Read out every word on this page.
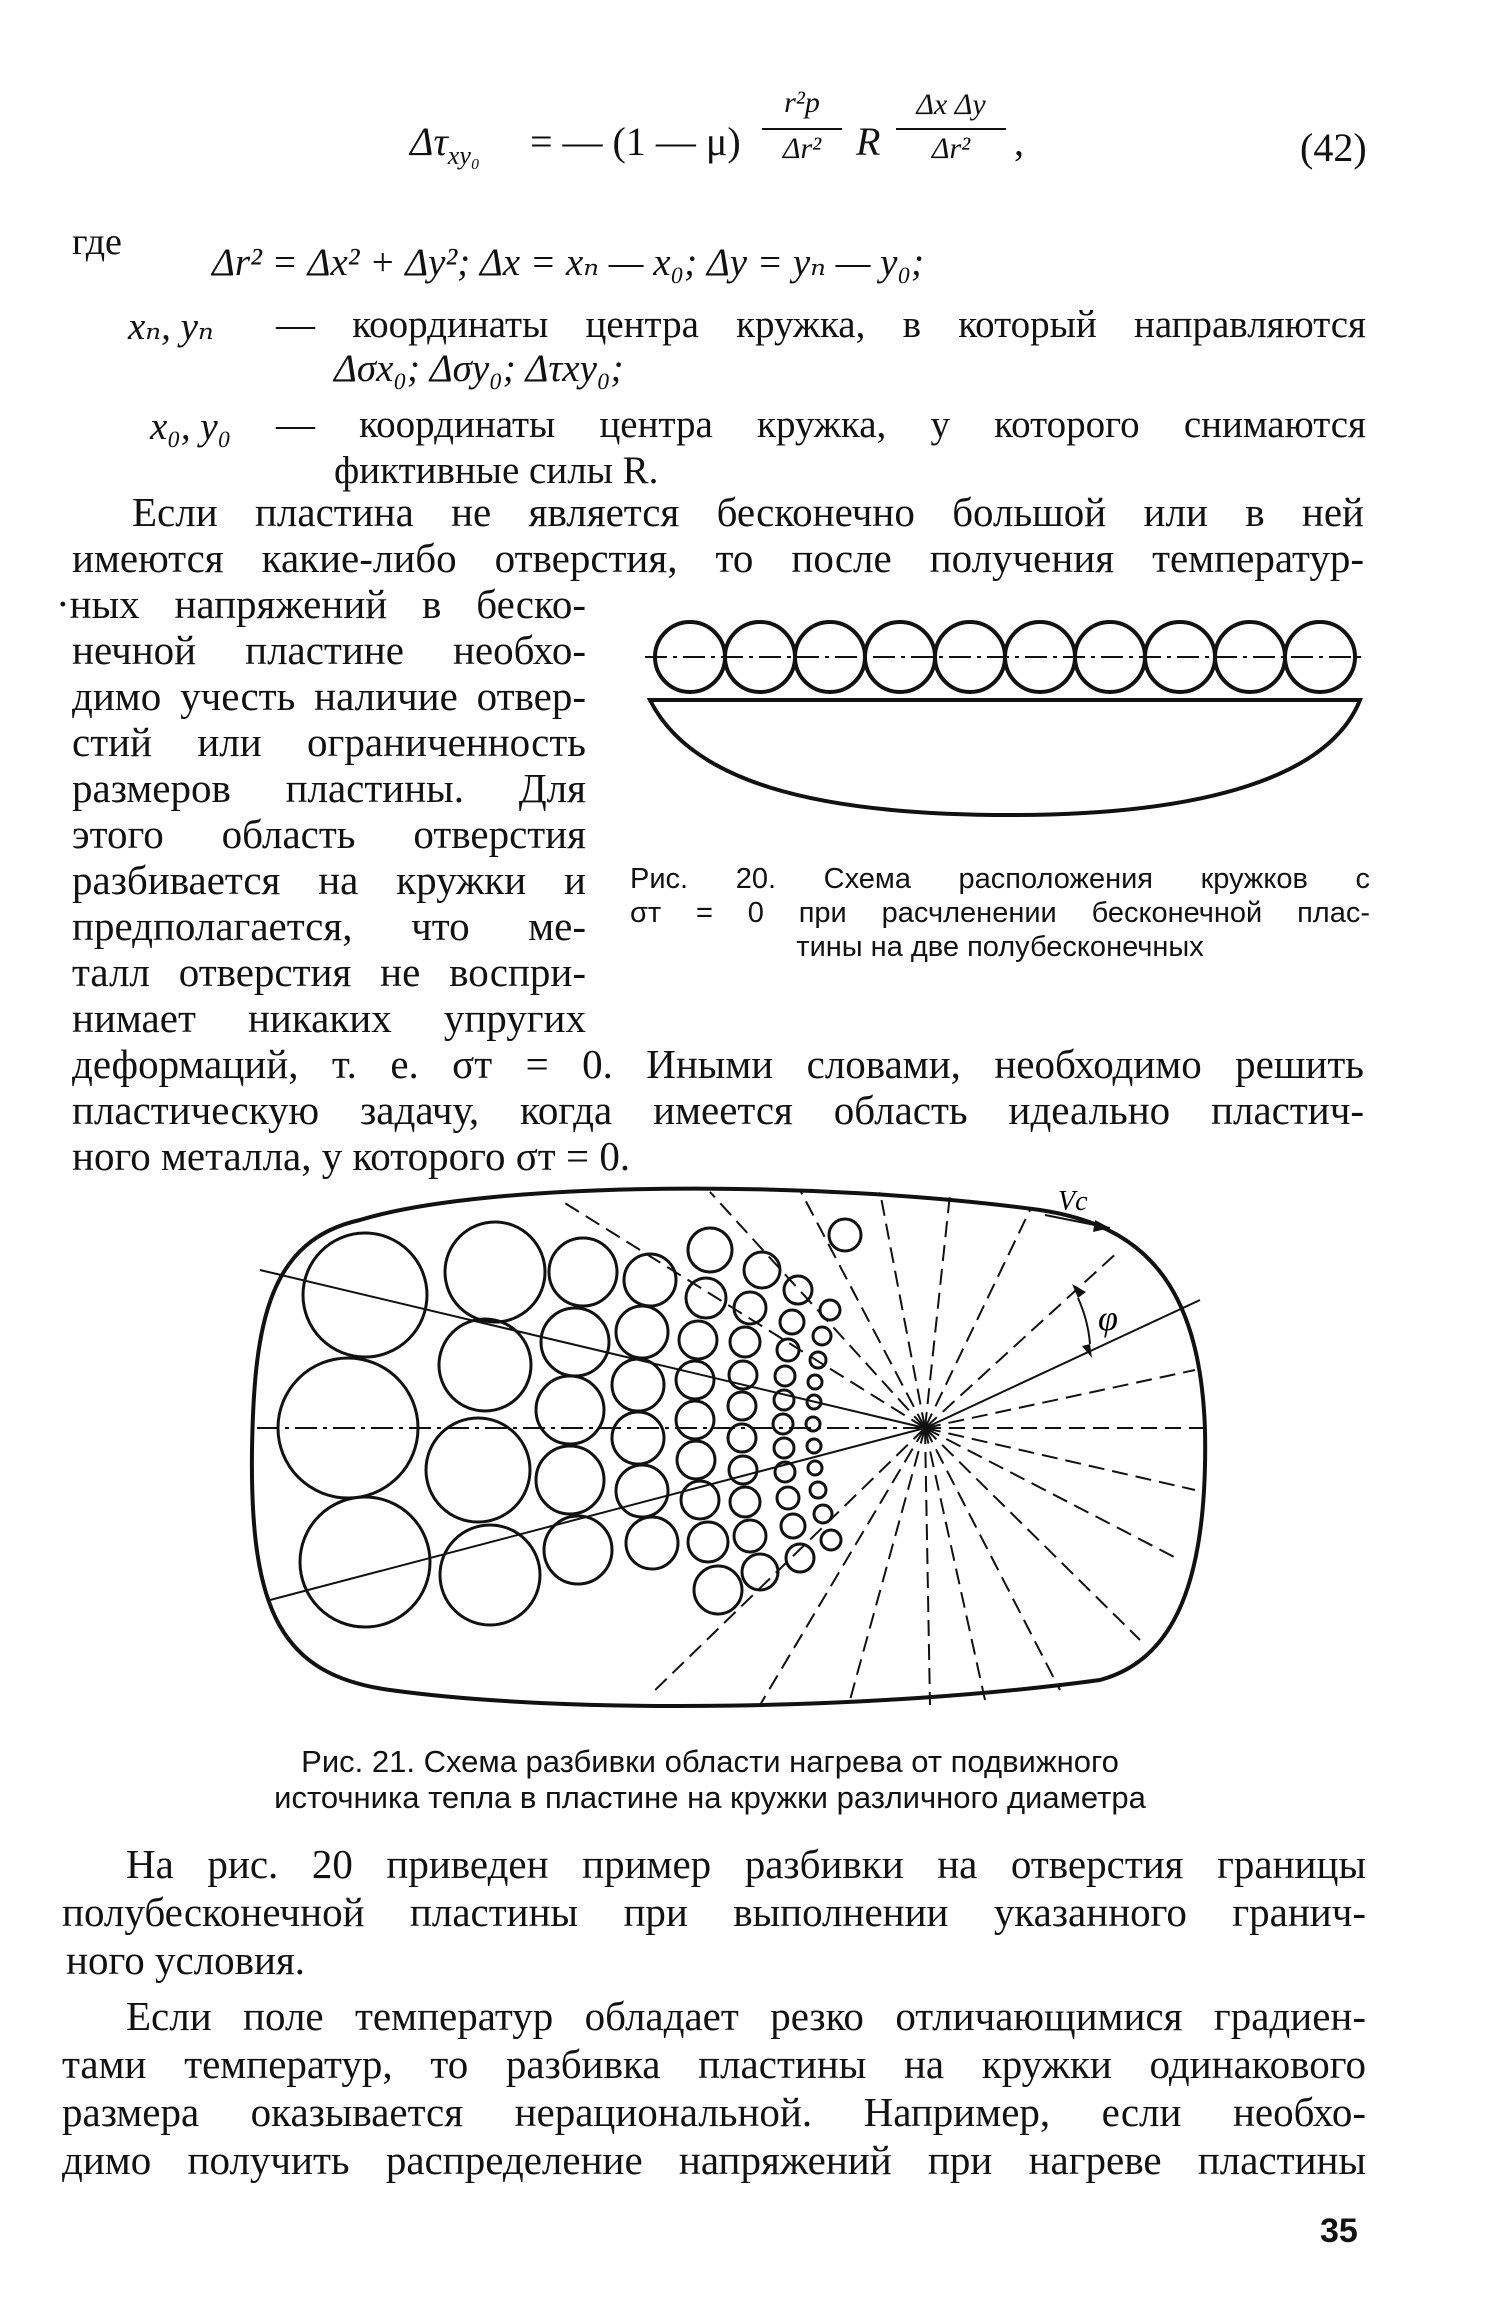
$\Delta\tau_{xy_0}$ = — (1 — μ)
r²p
Δr² R
Δx Δy
Δr²	,	(42)
где Δr² = Δx² + Δy²; Δx = xₙ — x₀; Δy = yₙ — y₀;
xₙ, yₙ — координаты центра кружка, в который направляются
Δσx₀; Δσy₀; Δτxy₀;
x₀, y₀ — координаты центра кружка, у которого снимаются
фиктивные силы R.
Если пластина не является бесконечно большой или в ней
имеются какие-либо отверстия, то после получения температур-
·ных напряжений в беско-
нечной пластине необхо-
димо учесть наличие отвер-
стий или ограниченность
размеров пластины. Для
этого область отверстия
разбивается на кружки и
предполагается, что ме-
талл отверстия не воспри-
нимает никаких упругих
деформаций, т. е. σт = 0. Иными словами, необходимо решить
пластическую задачу, когда имеется область идеально пластич-
ного металла, у которого σт = 0.
Рис. 20. Схема расположения кружков с
σт = 0 при расчленении бесконечной плас-
тины на две полубесконечных
Vc
φ
Рис. 21. Схема разбивки области нагрева от подвижного
источника тепла в пластине на кружки различного диаметра
На рис. 20 приведен пример разбивки на отверстия границы
полубесконечной пластины при выполнении указанного гранич-
ного условия.
Если поле температур обладает резко отличающимися градиен-
тами температур, то разбивка пластины на кружки одинакового
размера оказывается нерациональной. Например, если необхо-
димо получить распределение напряжений при нагреве пластины
35
